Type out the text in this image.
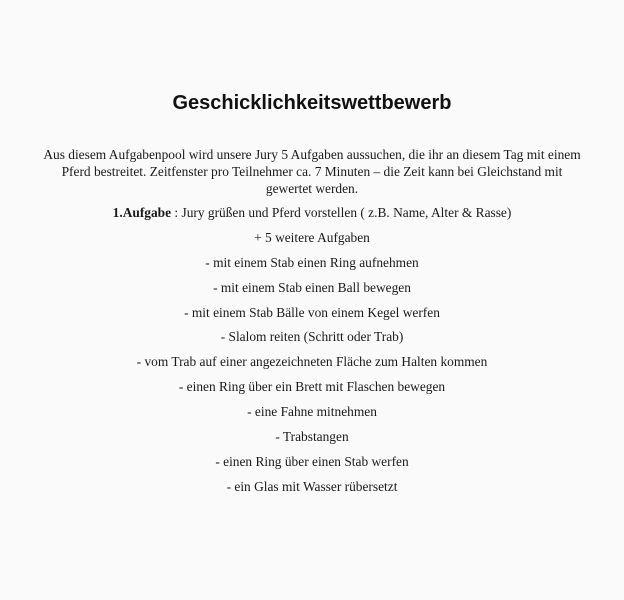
Geschicklichkeitswettbewerb

Aus diesem Aufgabenpool wird unsere Jury 5 Aufgaben aussuchen, die ihr an diesem Tag mit einem Pferd bestreitet. Zeitfenster pro Teilnehmer ca. 7 Minuten – die Zeit kann bei Gleichstand mit gewertet werden.

1.Aufgabe : Jury grüßen und Pferd vorstellen ( z.B. Name, Alter & Rasse)
+ 5 weitere Aufgaben
- mit einem Stab einen Ring aufnehmen
- mit einem Stab einen Ball bewegen
- mit einem Stab Bälle von einem Kegel werfen
- Slalom reiten (Schritt oder Trab)
- vom Trab auf einer angezeichneten Fläche zum Halten kommen
- einen Ring über ein Brett mit Flaschen bewegen
- eine Fahne mitnehmen
- Trabstangen
- einen Ring über einen Stab werfen
- ein Glas mit Wasser rübersetzt
